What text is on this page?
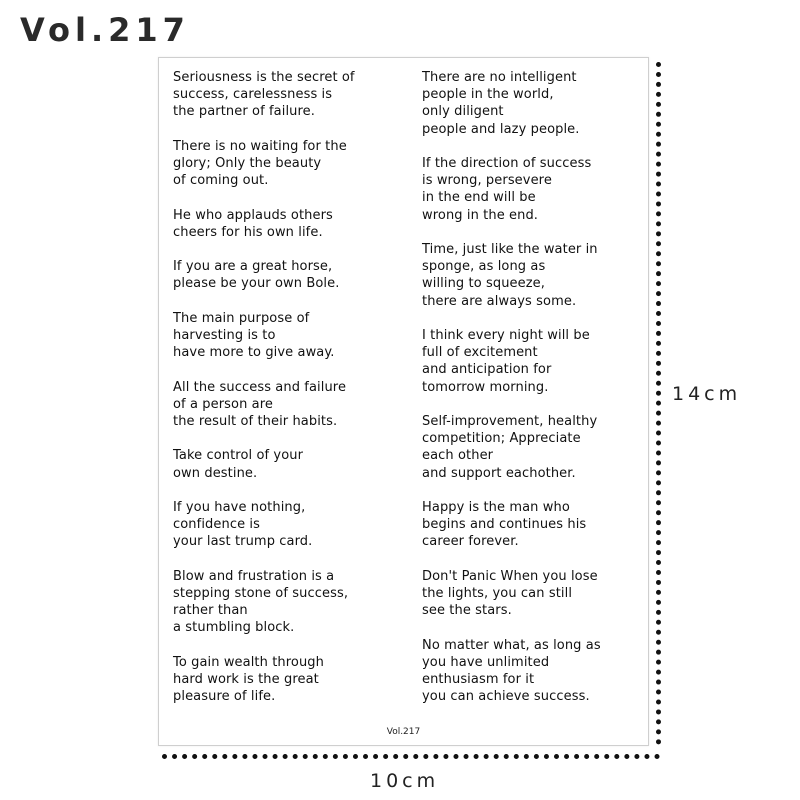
Vol.217

Seriousness is the secret of
success, carelessness is
the partner of failure.

There is no waiting for the
glory; Only the beauty
of coming out.

He who applauds others
cheers for his own life.

If you are a great horse,
please be your own Bole.

The main purpose of
harvesting is to
have more to give away.

All the success and failure
of a person are
the result of their habits.

Take control of your
own destine.

If you have nothing,
confidence is
your last trump card.

Blow and frustration is a
stepping stone of success,
rather than
a stumbling block.

To gain wealth through
hard work is the great
pleasure of life.

There are no intelligent
people in the world,
only diligent
people and lazy people.

If the direction of success
is wrong, persevere
in the end will be
wrong in the end.

Time, just like the water in
sponge, as long as
willing to squeeze,
there are always some.

I think every night will be
full of excitement
and anticipation for
tomorrow morning.

Self-improvement, healthy
competition; Appreciate
each other
and support eachother.

Happy is the man who
begins and continues his
career forever.

Don't Panic When you lose
the lights, you can still
see the stars.

No matter what, as long as
you have unlimited
enthusiasm for it
you can achieve success.

Vol.217
14cm
10cm
